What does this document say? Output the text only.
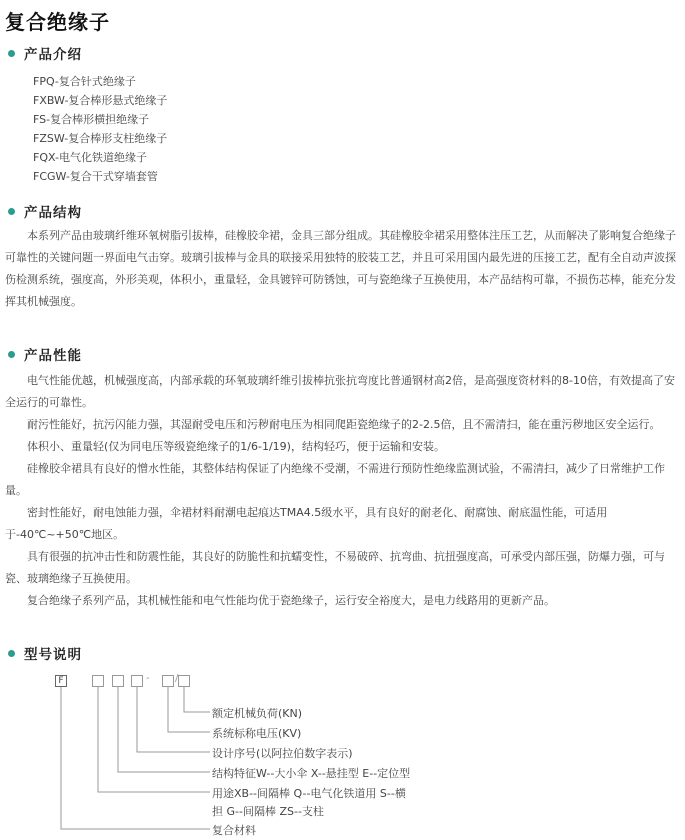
复合绝缘子
产品介绍
FPQ-复合针式绝缘子
FXBW-复合棒形悬式绝缘子
FS-复合棒形横担绝缘子
FZSW-复合棒形支柱绝缘子
FQX-电气化铁道绝缘子
FCGW-复合干式穿墙套管
产品结构

本系列产品由玻璃纤维环氧树脂引拔棒，硅橡胶伞裙，金具三部分组成。其硅橡胶伞裙采用整体注压工艺，从而解决了影响复合绝缘子可靠性的关键问题一界面电气击穿。玻璃引拔棒与金具的联接采用独特的胶装工艺，并且可采用国内最先进的压接工艺，配有全自动声波探伤检测系统，强度高，外形美观，体积小，重量轻，金具镀锌可防锈蚀，可与瓷绝缘子互换使用，本产品结构可靠，不损伤芯棒，能充分发挥其机械强度。

产品性能

电气性能优越，机械强度高，内部承载的环氧玻璃纤维引拔棒抗张抗弯度比普通钢材高2倍，是高强度资材料的8-10倍，有效提高了安全运行的可靠性。

耐污性能好，抗污闪能力强，其湿耐受电压和污秽耐电压为相同爬距瓷绝缘子的2-2.5倍，且不需清扫，能在重污秽地区安全运行。

体积小、重量轻(仅为同电压等级瓷绝缘子的1/6-1/19)，结构轻巧，便于运输和安装。

硅橡胶伞裙具有良好的憎水性能，其整体结构保证了内绝缘不受潮，不需进行预防性绝缘监测试验，不需清扫，减少了日常维护工作量。

密封性能好，耐电蚀能力强，伞裙材料耐潮电起痕达TMA4.5级水平，具有良好的耐老化、耐腐蚀、耐底温性能，可适用于-40℃~+50℃地区。

具有很强的抗冲击性和防震性能，其良好的防脆性和抗蠕变性，不易破碎、抗弯曲、抗扭强度高，可承受内部压强，防爆力强，可与瓷、玻璃绝缘子互换使用。

复合绝缘子系列产品，其机械性能和电气性能均优于瓷绝缘子，运行安全裕度大，是电力线路用的更新产品。

型号说明
F	-	/
额定机械负荷(KN)
系统标称电压(KV)
设计序号(以阿拉伯数字表示)
结构特征W--大小伞 X--悬挂型 E--定位型
用途XB--间隔棒 Q--电气化铁道用 S--横
担 G--间隔棒 ZS--支柱
复合材料
